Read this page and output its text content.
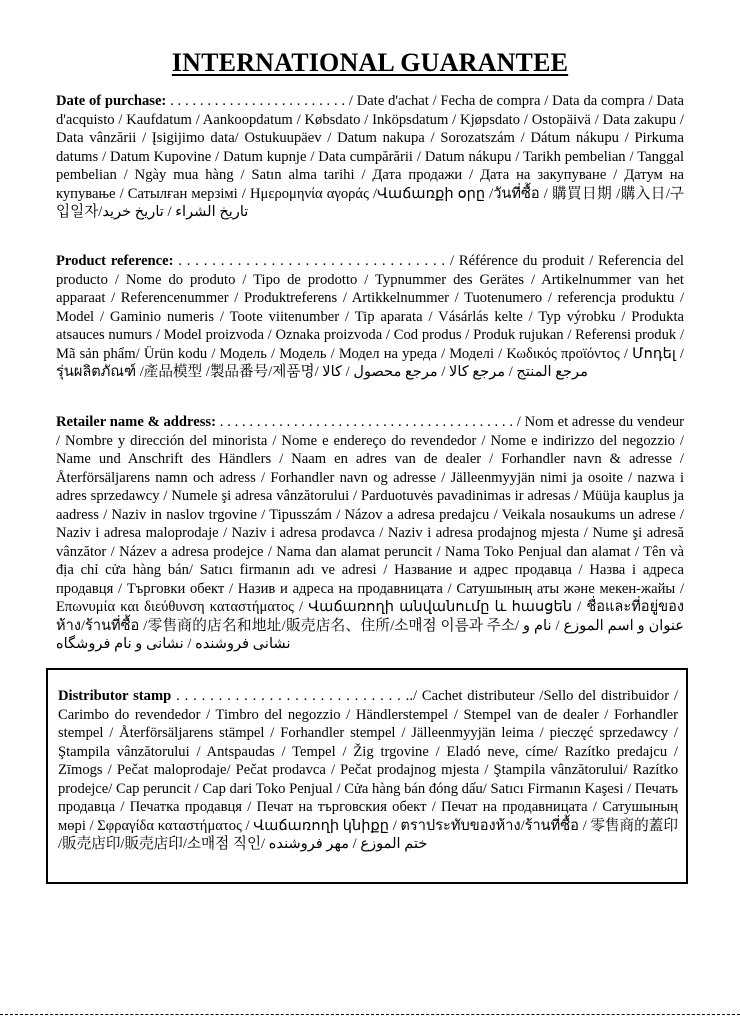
INTERNATIONAL GUARANTEE
Date of purchase: . . . . . . . . . . . . . . . . . . . . . . . . / Date d'achat / Fecha de compra / Data da compra / Data d'acquisto / Kaufdatum / Aankoopdatum / Købsdato / Inköpsdatum / Kjøpsdato / Ostopäivä / Data zakupu / Data vânzării / Įsigijimo data/ Ostukuupäev / Datum nakupa / Sorozatszám / Dátum nákupu / Pirkuma datums / Datum Kupovine / Datum kupnje / Data cumpărării / Datum nákupu / Tarikh pembelian / Tanggal pembelian / Ngày mua hàng / Satın alma tarihi / Дата продажи / Дата на закупуване / Датум на купување / Сатылған мерзімі / Ημερομηνία αγοράς /Վաճառքի օրը /วันที่ซื้อ / 購買日期 /購入日/구입일자/تاريخ الشراء / تاريخ خرید
Product reference: . . . . . . . . . . . . . . . . . . . . . . . . . . . . . . . . / Référence du produit / Referencia del producto / Nome do produto / Tipo de prodotto / Typnummer des Gerätes / Artikelnummer van het apparaat / Referencenummer / Produktreferens / Artikkelnummer / Tuotenumero / referencja produktu / Model / Gaminio numeris / Toote viitenumber / Tip aparata / Vásárlás kelte / Typ výrobku / Produkta atsauces numurs / Model proizvoda / Oznaka proizvoda / Cod produs / Produk rujukan / Referensi produk / Mã sản phẩm/ Ürün kodu / Модель / Модель / Модел на уреда / Моделі / Κωδικός προϊόντος / Մոդել / รุ่นผลิตภัณฑ์ /產品模型 /製品番号/제품명/ مرجع المنتج / مرجع كالا / مرجع محصول / كالا
Retailer name & address: . . . . . . . . . . . . . . . . . . . . . . . . . . . . . . . . . . . . . . . . / Nom et adresse du vendeur / Nombre y dirección del minorista / Nome e endereço do revendedor / Nome e indirizzo del negozzio / Name und Anschrift des Händlers / Naam en adres van de dealer / Forhandler navn & adresse / Återförsäljarens namn och adress / Forhandler navn og adresse / Jälleenmyyjän nimi ja osoite / nazwa i adres sprzedawcy / Numele şi adresa vânzătorului / Parduotuvės pavadinimas ir adresas / Müüja kauplus ja aadress / Naziv in naslov trgovine / Tipusszám / Názov a adresa predajcu / Veikala nosaukums un adrese / Naziv i adresa maloprodaje / Naziv i adresa prodavca / Naziv i adresa prodajnog mjesta / Nume şi adresă vânzător / Název a adresa prodejce / Nama dan alamat peruncit / Nama Toko Penjual dan alamat / Tên và địa chỉ cửa hàng bán/ Satıcı firmanın adı ve adresi / Название и адрес продавца / Назва і адреса продавця / Търговки обект / Назив и адреса на продавницата / Сатушының аты және мекен-жайы / Επωνυμία και διεύθυνση καταστήματος / Վաճառողի անվանումը և հասցեն / ชื่อและที่อยู่ของห้าง/ร้านที่ซื้อ /零售商的店名和地址/販売店名、住所/소매점 이름과 주소/ عنوان و اسم الموزع / نام و نشانی فروشنده / نشانی و نام فروشگاه
Distributor stamp . . . . . . . . . . . . . . . . . . . . . . . . . . . ../ Cachet distributeur /Sello del distribuidor / Carimbo do revendedor / Timbro del negozzio / Händlerstempel / Stempel van de dealer / Forhandler stempel / Återförsäljarens stämpel / Forhandler stempel / Jälleenmyyjän leima / pieczęć sprzedawcy / Ştampila vânzătorului / Antspaudas / Tempel / Žig trgovine / Eladó neve, címe/ Razítko predajcu / Zīmogs / Pečat maloprodaje/ Pečat prodavca / Pečat prodajnog mjesta / Ştampila vânzătorului/ Razítko prodejce/ Cap peruncit / Cap dari Toko Penjual / Cửa hàng bán đóng dấu/ Satıcı Firmanın Kaşesi / Печать продавца / Печатка продавця / Печат на търговския обект / Печат на продавницата / Сатушының мөрі / Σφραγίδα καταστήματος / Վաճառողի կնիքը / ตราประทับของห้าง/ร้านที่ซื้อ / 零售商的蓋印 /販売店印/販売店印/소매점 직인/ ختم الموزع / مهر فروشنده
